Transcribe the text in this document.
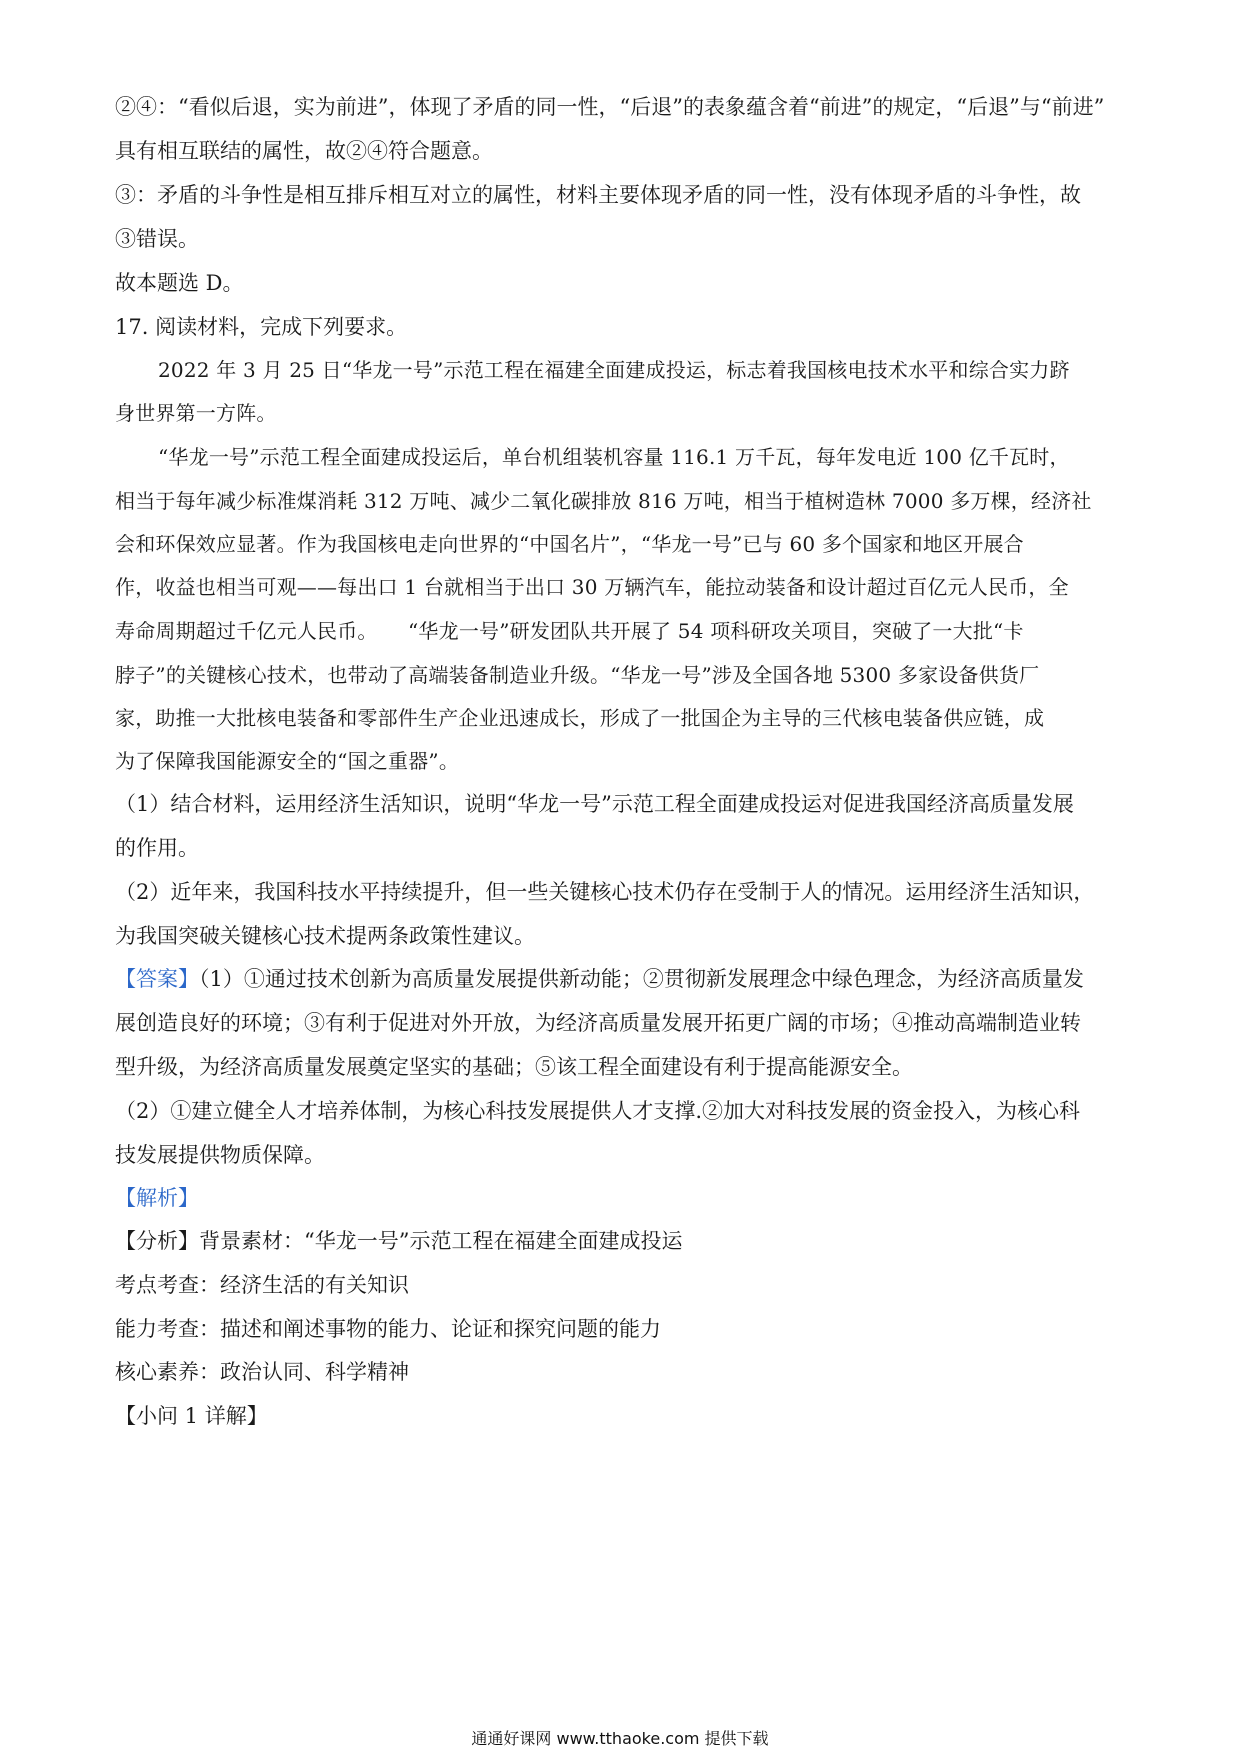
②④：“看似后退，实为前进”，体现了矛盾的同一性，“后退”的表象蕴含着“前进”的规定，“后退”与“前进”
具有相互联结的属性，故②④符合题意。
③：矛盾的斗争性是相互排斥相互对立的属性，材料主要体现矛盾的同一性，没有体现矛盾的斗争性，故
③错误。
故本题选 D。
17. 阅读材料，完成下列要求。
2022 年 3 月 25 日“华龙一号”示范工程在福建全面建成投运，标志着我国核电技术水平和综合实力跻
身世界第一方阵。
“华龙一号”示范工程全面建成投运后，单台机组装机容量 116.1 万千瓦，每年发电近 100 亿千瓦时，
相当于每年减少标准煤消耗 312 万吨、减少二氧化碳排放 816 万吨，相当于植树造林 7000 多万棵，经济社
会和环保效应显著。作为我国核电走向世界的“中国名片”，“华龙一号”已与 60 多个国家和地区开展合
作，收益也相当可观——每出口 1 台就相当于出口 30 万辆汽车，能拉动装备和设计超过百亿元人民币，全
寿命周期超过千亿元人民币。　　“华龙一号”研发团队共开展了 54 项科研攻关项目，突破了一大批“卡
脖子”的关键核心技术，也带动了高端装备制造业升级。“华龙一号”涉及全国各地 5300 多家设备供货厂
家，助推一大批核电装备和零部件生产企业迅速成长，形成了一批国企为主导的三代核电装备供应链，成
为了保障我国能源安全的“国之重器”。
（1）结合材料，运用经济生活知识，说明“华龙一号”示范工程全面建成投运对促进我国经济高质量发展
的作用。
（2）近年来，我国科技水平持续提升，但一些关键核心技术仍存在受制于人的情况。运用经济生活知识，
为我国突破关键核心技术提两条政策性建议。
【答案】（1）①通过技术创新为高质量发展提供新动能；②贯彻新发展理念中绿色理念，为经济高质量发
展创造良好的环境；③有利于促进对外开放，为经济高质量发展开拓更广阔的市场；④推动高端制造业转
型升级，为经济高质量发展奠定坚实的基础；⑤该工程全面建设有利于提高能源安全。
（2）①建立健全人才培养体制，为核心科技发展提供人才支撑.②加大对科技发展的资金投入，为核心科
技发展提供物质保障。
【解析】
【分析】背景素材：“华龙一号”示范工程在福建全面建成投运
考点考查：经济生活的有关知识
能力考查：描述和阐述事物的能力、论证和探究问题的能力
核心素养：政治认同、科学精神
【小问 1 详解】
通通好课网 www.tthaoke.com 提供下载
